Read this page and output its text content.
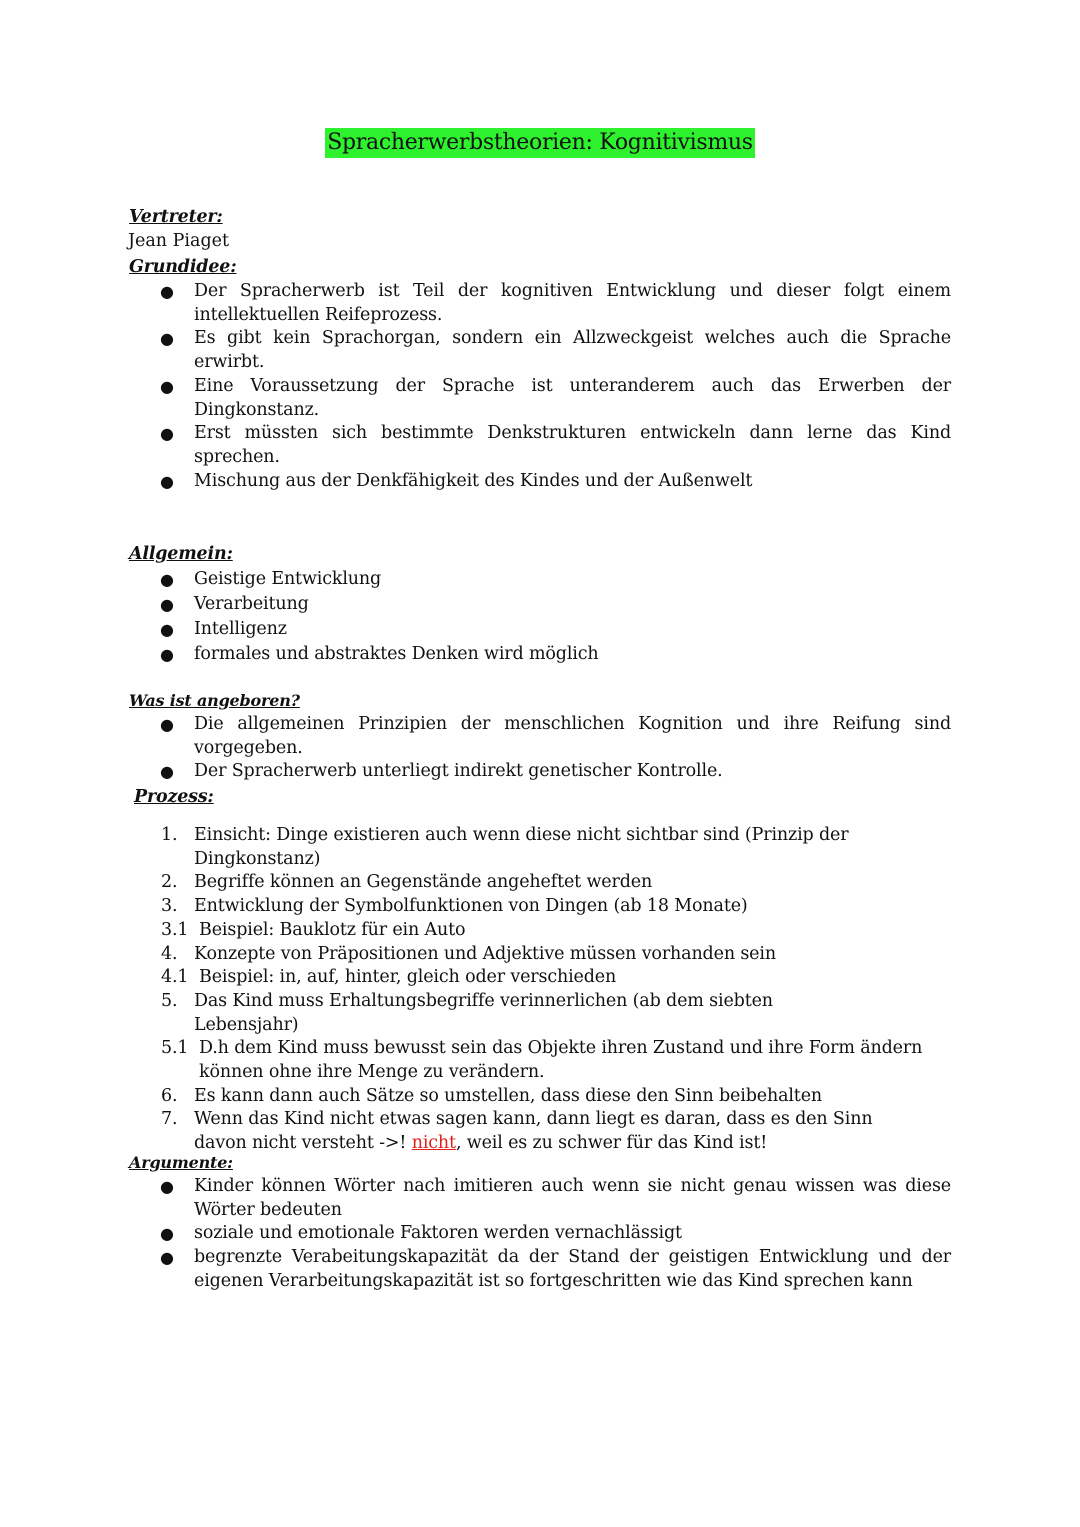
Spracherwerbstheorien: Kognitivismus
Vertreter:
Jean Piaget
Grundidee:
● Der Spracherwerb ist Teil der kognitiven Entwicklung und dieser folgt einem intellektuellen Reifeprozess.
● Es gibt kein Sprachorgan, sondern ein Allzweckgeist welches auch die Sprache erwirbt.
● Eine Voraussetzung der Sprache ist unteranderem auch das Erwerben der Dingkonstanz.
● Erst müssten sich bestimmte Denkstrukturen entwickeln dann lerne das Kind sprechen.
● Mischung aus der Denkfähigkeit des Kindes und der Außenwelt
Allgemein:
● Geistige Entwicklung
● Verarbeitung
● Intelligenz
● formales und abstraktes Denken wird möglich
Was ist angeboren?
● Die allgemeinen Prinzipien der menschlichen Kognition und ihre Reifung sind vorgegeben.
● Der Spracherwerb unterliegt indirekt genetischer Kontrolle.
Prozess:
1. Einsicht: Dinge existieren auch wenn diese nicht sichtbar sind (Prinzip der Dingkonstanz)
2. Begriffe können an Gegenstände angeheftet werden
3. Entwicklung der Symbolfunktionen von Dingen (ab 18 Monate)
3.1 Beispiel: Bauklotz für ein Auto
4. Konzepte von Präpositionen und Adjektive müssen vorhanden sein
4.1 Beispiel: in, auf, hinter, gleich oder verschieden
5. Das Kind muss Erhaltungsbegriffe verinnerlichen (ab dem siebten Lebensjahr)
5.1 D.h dem Kind muss bewusst sein das Objekte ihren Zustand und ihre Form ändern können ohne ihre Menge zu verändern.
6. Es kann dann auch Sätze so umstellen, dass diese den Sinn beibehalten
7. Wenn das Kind nicht etwas sagen kann, dann liegt es daran, dass es den Sinn davon nicht versteht ->! nicht, weil es zu schwer für das Kind ist!
Argumente:
● Kinder können Wörter nach imitieren auch wenn sie nicht genau wissen was diese Wörter bedeuten
● soziale und emotionale Faktoren werden vernachlässigt
● begrenzte Verabeitungskapazität da der Stand der geistigen Entwicklung und der eigenen Verarbeitungskapazität ist so fortgeschritten wie das Kind sprechen kann
